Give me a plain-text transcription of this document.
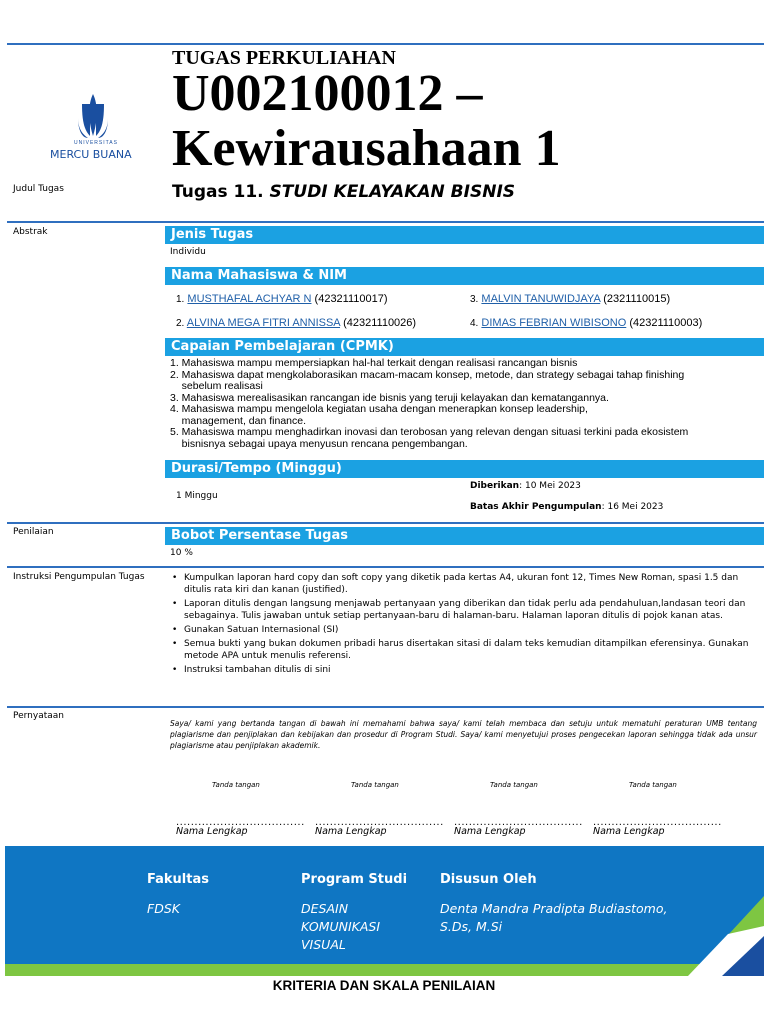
UNIVERSITAS
MERCU BUANA
TUGAS PERKULIAHAN
U002100012 –
Kewirausahaan 1
Judul Tugas	Tugas 11. STUDI KELAYAKAN BISNIS
Abstrak	Jenis Tugas
Individu
Nama Mahasiswa & NIM
1. MUSTHAFAL ACHYAR N (42321110017)
2. ALVINA MEGA FITRI ANNISSA (42321110026)
3. MALVIN TANUWIDJAYA (2321110015)
4. DIMAS FEBRIAN WIBISONO (42321110003)
Capaian Pembelajaran (CPMK)
1. Mahasiswa mampu mempersiapkan hal-hal terkait dengan realisasi rancangan bisnis
2. Mahasiswa dapat mengkolaborasikan macam-macam konsep, metode, dan strategy sebagai tahap finishing
sebelum realisasi
3. Mahasiswa merealisasikan rancangan ide bisnis yang teruji kelayakan dan kematangannya.
4. Mahasiswa mampu mengelola kegiatan usaha dengan menerapkan konsep leadership,
management, dan finance.
5. Mahasiswa mampu menghadirkan inovasi dan terobosan yang relevan dengan situasi terkini pada ekosistem
bisnisnya sebagai upaya menyusun rencana pengembangan.
Durasi/Tempo (Minggu)
1 Minggu
Diberikan: 10 Mei 2023
Batas Akhir Pengumpulan: 16 Mei 2023
Penilaian	Bobot Persentase Tugas
10 %
Instruksi Pengumpulan Tugas
•	Kumpulkan laporan hard copy dan soft copy yang diketik pada kertas A4, ukuran font 12, Times New Roman, spasi 1.5 dan ditulis rata kiri dan kanan (justified).
• Laporan ditulis dengan langsung menjawab pertanyaan yang diberikan dan tidak perlu ada pendahuluan,landasan teori dan sebagainya. Tulis jawaban untuk setiap pertanyaan-baru di halaman-baru. Halaman laporan ditulis di pojok kanan atas.
• Gunakan Satuan Internasional (SI)
• Semua bukti yang bukan dokumen pribadi harus disertakan sitasi di dalam teks kemudian ditampilkan eferensinya. Gunakan metode APA untuk menulis referensi.
• Instruksi tambahan ditulis di sini
Pernyataan
Saya/ kami yang bertanda tangan di bawah ini memahami bahwa saya/ kami telah membaca dan setuju untuk mematuhi peraturan UMB tentang plagiarisme dan penjiplakan dan kebijakan dan prosedur di Program Studi. Saya/ kami menyetujui proses pengecekan laporan sehingga tidak ada unsur plagiarisme atau penjiplakan akademik.
Tanda tangan
...................................
Nama Lengkap
Tanda tangan
...................................
Nama Lengkap
Tanda tangan
...................................
Nama Lengkap
Tanda tangan
...................................
Nama Lengkap
Fakultas
FDSK
Program Studi
DESAIN KOMUNIKASI VISUAL
Disusun Oleh
Denta Mandra Pradipta Budiastomo, S.Ds, M.Si
KRITERIA DAN SKALA PENILAIAN
